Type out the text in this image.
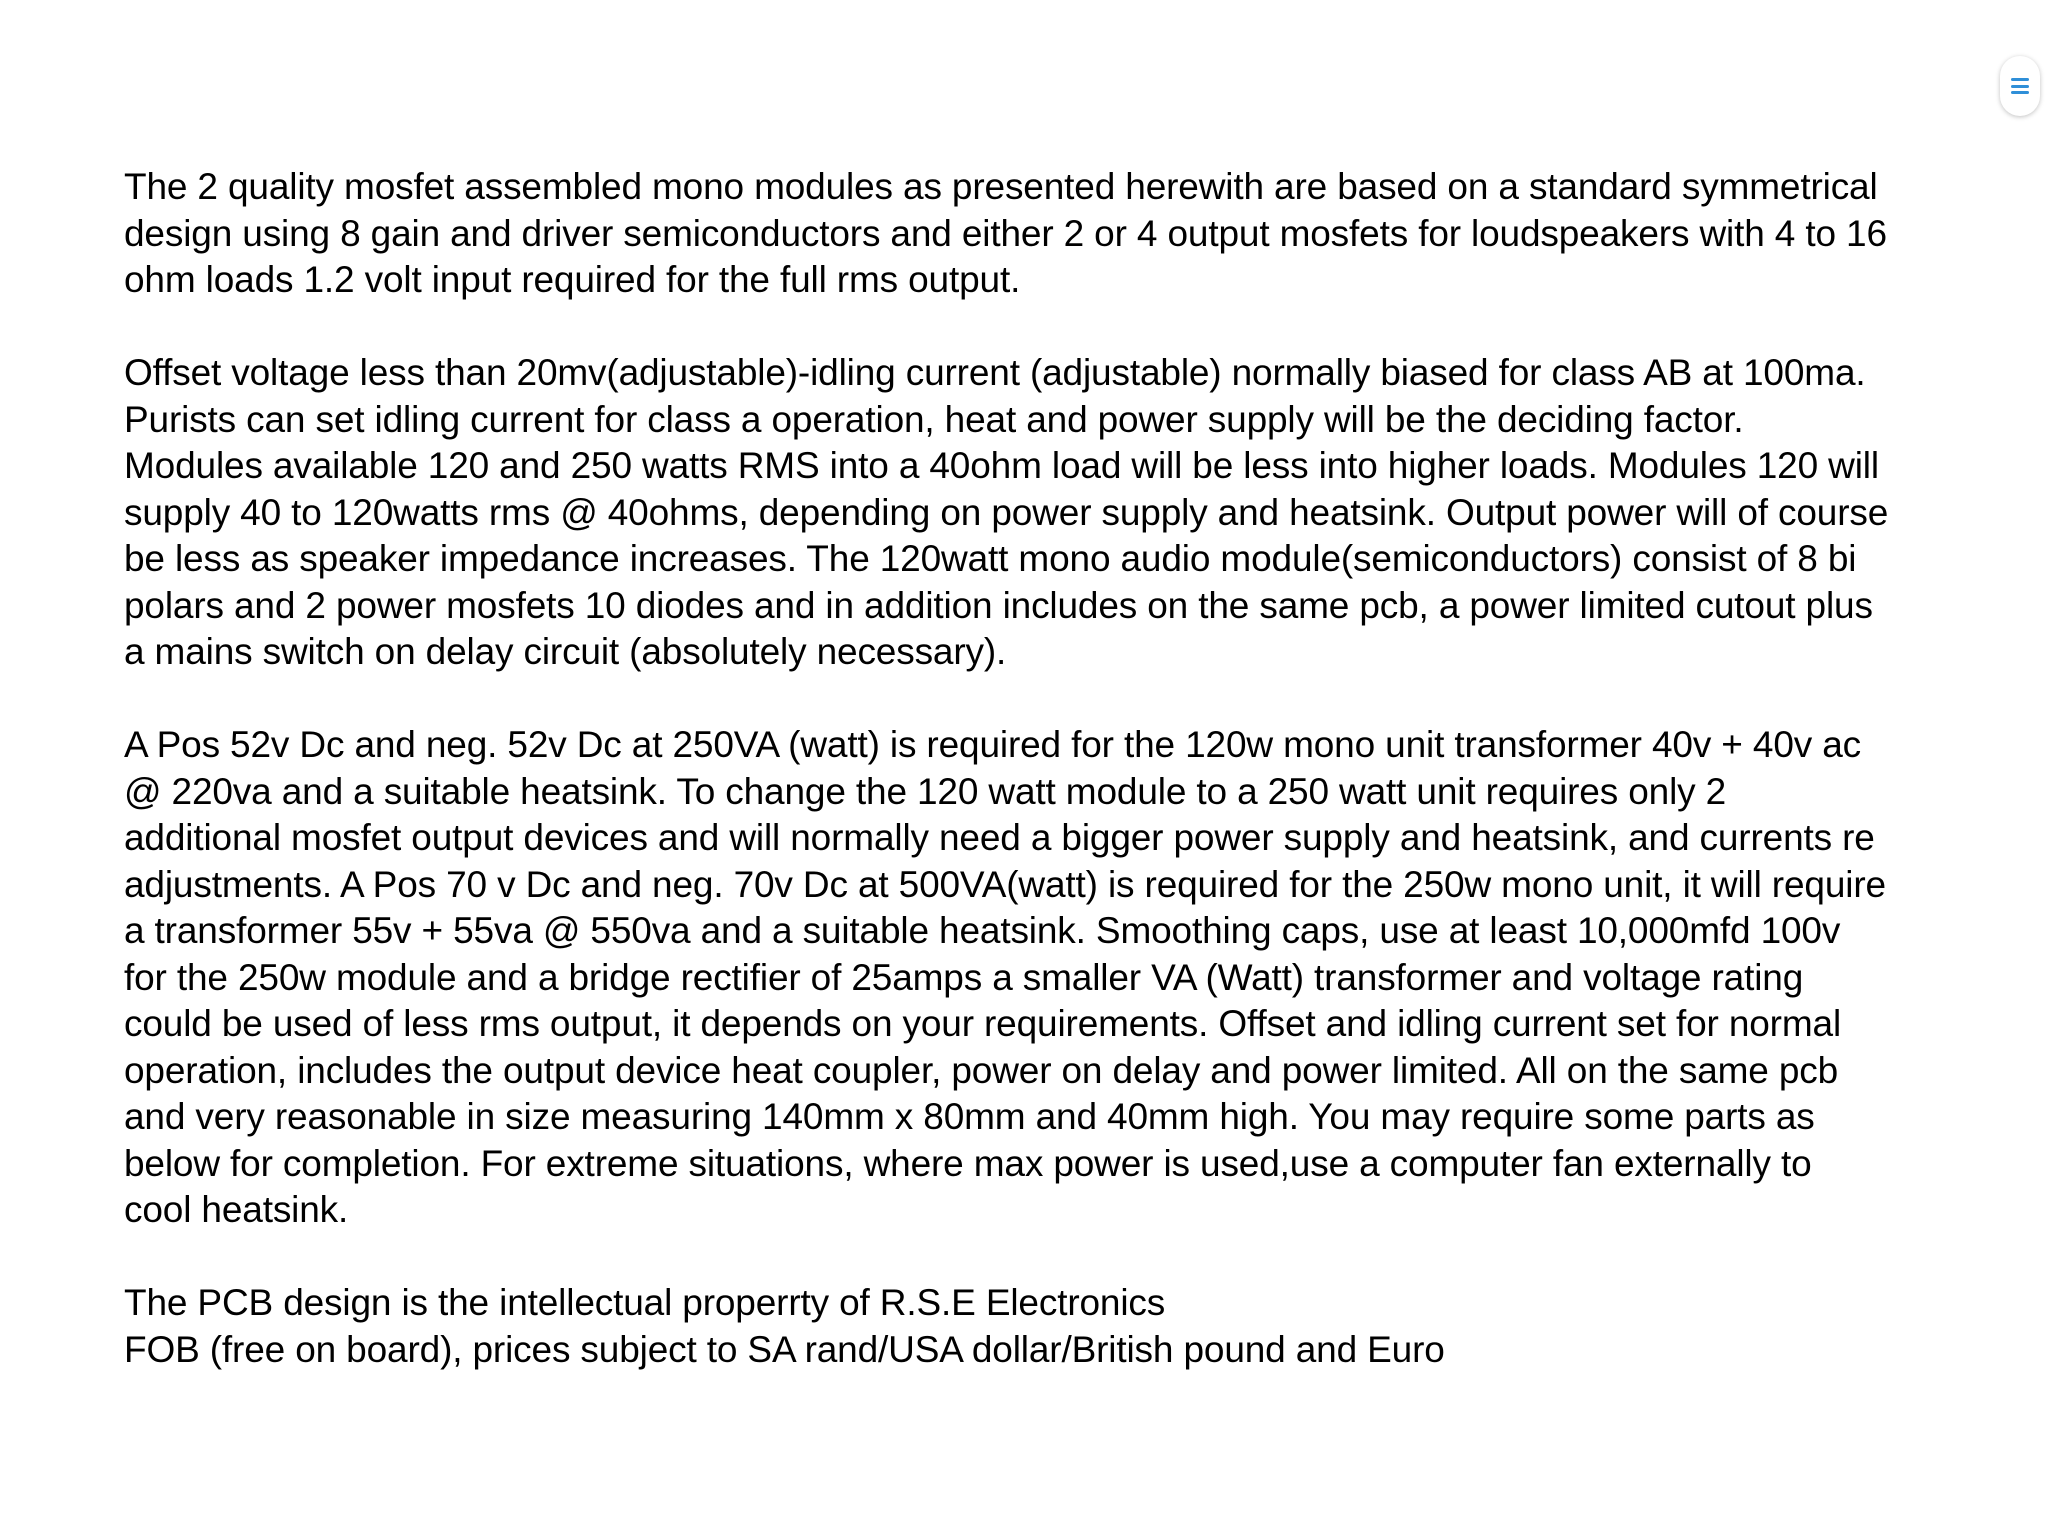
The 2 quality mosfet assembled mono modules as presented herewith are based on a standard symmetrical
design using 8 gain and driver semiconductors and either 2 or 4 output mosfets for loudspeakers with 4 to 16
ohm loads 1.2 volt input required for the full rms output.

Offset voltage less than 20mv(adjustable)-idling current (adjustable) normally biased for class AB at 100ma.
Purists can set idling current for class a operation, heat and power supply will be the deciding factor.
Modules available 120 and 250 watts RMS into a 40ohm load will be less into higher loads. Modules 120 will
supply 40 to 120watts rms @ 40ohms, depending on power supply and heatsink. Output power will of course
be less as speaker impedance increases. The 120watt mono audio module(semiconductors) consist of 8 bi
polars and 2 power mosfets 10 diodes and in addition includes on the same pcb, a power limited cutout plus
a mains switch on delay circuit (absolutely necessary).

A Pos 52v Dc and neg. 52v Dc at 250VA (watt) is required for the 120w mono unit transformer 40v + 40v ac
@ 220va and a suitable heatsink. To change the 120 watt module to a 250 watt unit requires only 2
additional mosfet output devices and will normally need a bigger power supply and heatsink, and currents re
adjustments. A Pos 70 v Dc and neg. 70v Dc at 500VA(watt) is required for the 250w mono unit, it will require
a transformer 55v + 55va @ 550va and a suitable heatsink. Smoothing caps, use at least 10,000mfd 100v
for the 250w module and a bridge rectifier of 25amps a smaller VA (Watt) transformer and voltage rating
could be used of less rms output, it depends on your requirements. Offset and idling current set for normal
operation, includes the output device heat coupler, power on delay and power limited. All on the same pcb
and very reasonable in size measuring 140mm x 80mm and 40mm high. You may require some parts as
below for completion. For extreme situations, where max power is used,use a computer fan externally to
cool heatsink.

The PCB design is the intellectual properrty of R.S.E Electronics
FOB (free on board), prices subject to SA rand/USA dollar/British pound and Euro
